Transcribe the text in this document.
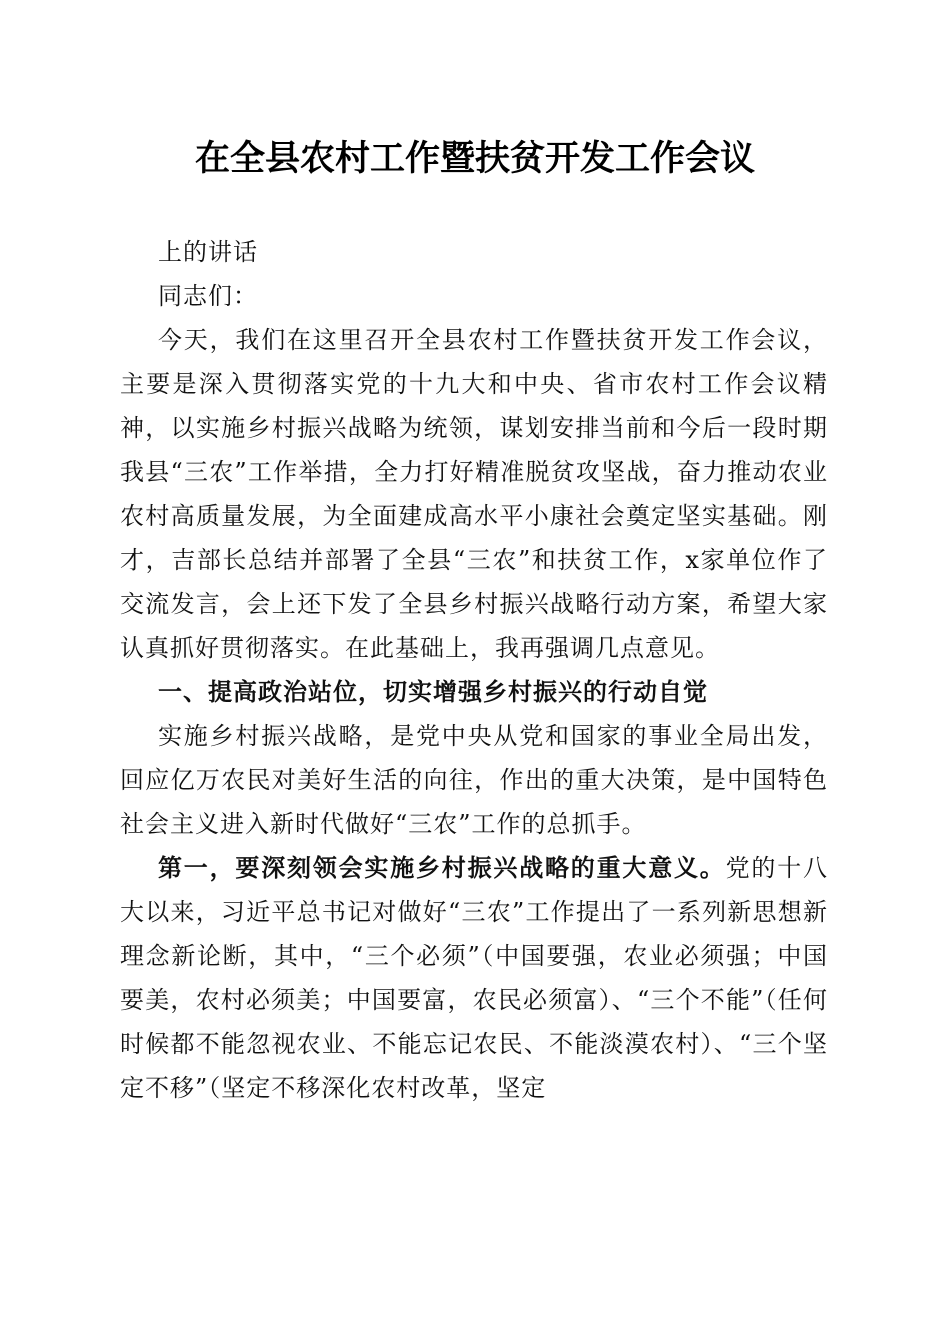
在全县农村工作暨扶贫开发工作会议

上的讲话

同志们：

今天，我们在这里召开全县农村工作暨扶贫开发工作会议，主要是深入贯彻落实党的十九大和中央、省市农村工作会议精神，以实施乡村振兴战略为统领，谋划安排当前和今后一段时期我县“三农”工作举措，全力打好精准脱贫攻坚战，奋力推动农业农村高质量发展，为全面建成高水平小康社会奠定坚实基础。刚才，吉部长总结并部署了全县“三农”和扶贫工作，x家单位作了交流发言，会上还下发了全县乡村振兴战略行动方案，希望大家认真抓好贯彻落实。在此基础上，我再强调几点意见。

一、提高政治站位，切实增强乡村振兴的行动自觉

实施乡村振兴战略，是党中央从党和国家的事业全局出发，回应亿万农民对美好生活的向往，作出的重大决策，是中国特色社会主义进入新时代做好“三农”工作的总抓手。

第一，要深刻领会实施乡村振兴战略的重大意义。党的十八大以来，习近平总书记对做好“三农”工作提出了一系列新思想新理念新论断，其中，“三个必须”（中国要强，农业必须强；中国要美，农村必须美；中国要富，农民必须富）、“三个不能”（任何时候都不能忽视农业、不能忘记农民、不能淡漠农村）、“三个坚定不移”（坚定不移深化农村改革，坚定
